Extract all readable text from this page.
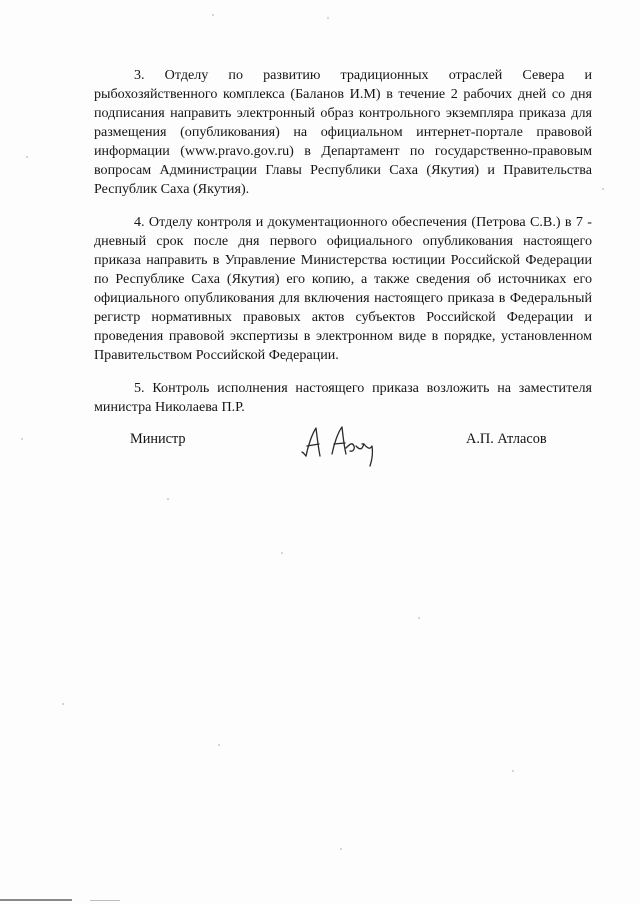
3. Отделу по развитию традиционных отраслей Севера и рыбохозяйственного комплекса (Баланов И.М) в течение 2 рабочих дней со дня подписания направить электронный образ контрольного экземпляра приказа для размещения (опубликования) на официальном интернет-портале правовой информации (www.pravo.gov.ru) в Департамент по государственно-правовым вопросам Администрации Главы Республики Саха (Якутия) и Правительства Республик Саха (Якутия).

4. Отделу контроля и документационного обеспечения (Петрова С.В.) в 7 - дневный срок после дня первого официального опубликования настоящего приказа направить в Управление Министерства юстиции Российской Федерации по Республике Саха (Якутия) его копию, а также сведения об источниках его официального опубликования для включения настоящего приказа в Федеральный регистр нормативных правовых актов субъектов Российской Федерации и проведения правовой экспертизы в электронном виде в порядке, установленном Правительством Российской Федерации.

5. Контроль исполнения настоящего приказа возложить на заместителя министра Николаева П.Р.

Министр	А.П. Атласов
